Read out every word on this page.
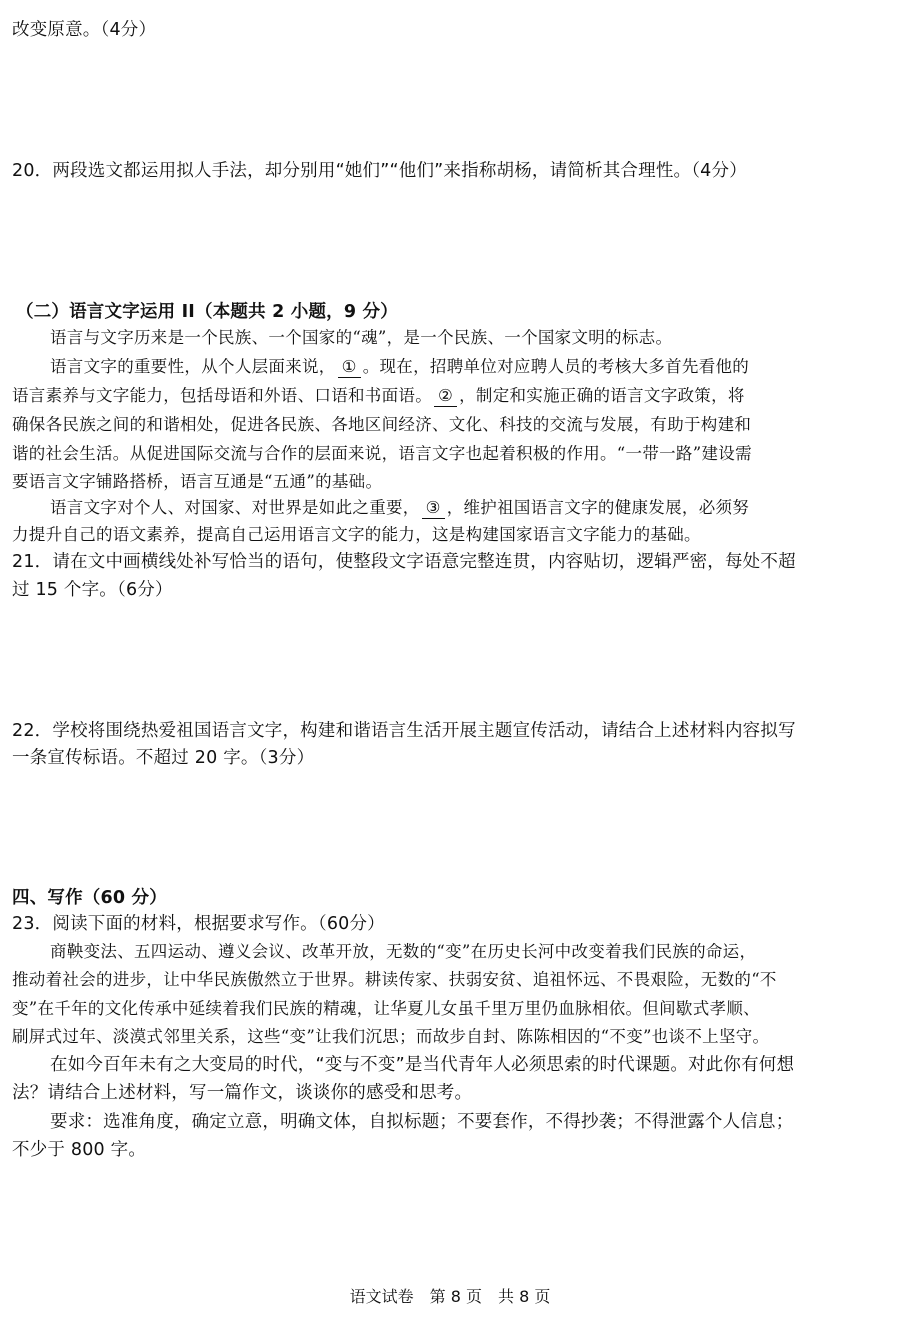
改变原意。（4分）
20．两段选文都运用拟人手法，却分别用“她们”“他们”来指称胡杨，请简析其合理性。（4分）
（二）语言文字运用 II（本题共 2 小题，9 分）
语言与文字历来是一个民族、一个国家的“魂”，是一个民族、一个国家文明的标志。
语言文字的重要性，从个人层面来说， ① 。现在，招聘单位对应聘人员的考核大多首先看他的
语言素养与文字能力，包括母语和外语、口语和书面语。 ② ，制定和实施正确的语言文字政策，将
确保各民族之间的和谐相处，促进各民族、各地区间经济、文化、科技的交流与发展，有助于构建和
谐的社会生活。从促进国际交流与合作的层面来说，语言文字也起着积极的作用。“一带一路”建设需
要语言文字铺路搭桥，语言互通是“五通”的基础。
语言文字对个人、对国家、对世界是如此之重要， ③ ，维护祖国语言文字的健康发展，必须努
力提升自己的语文素养，提高自己运用语言文字的能力，这是构建国家语言文字能力的基础。
21．请在文中画横线处补写恰当的语句，使整段文字语意完整连贯，内容贴切，逻辑严密，每处不超
过 15 个字。（6分）
22．学校将围绕热爱祖国语言文字，构建和谐语言生活开展主题宣传活动，请结合上述材料内容拟写
一条宣传标语。不超过 20 字。（3分）
四、写作（60 分）
23．阅读下面的材料，根据要求写作。（60分）
商鞅变法、五四运动、遵义会议、改革开放，无数的“变”在历史长河中改变着我们民族的命运，
推动着社会的进步，让中华民族傲然立于世界。耕读传家、扶弱安贫、追祖怀远、不畏艰险，无数的“不
变”在千年的文化传承中延续着我们民族的精魂，让华夏儿女虽千里万里仍血脉相依。但间歇式孝顺、
刷屏式过年、淡漠式邻里关系，这些“变”让我们沉思；而故步自封、陈陈相因的“不变”也谈不上坚守。
在如今百年未有之大变局的时代，“变与不变”是当代青年人必须思索的时代课题。对此你有何想
法？请结合上述材料，写一篇作文，谈谈你的感受和思考。
要求：选准角度，确定立意，明确文体，自拟标题；不要套作，不得抄袭；不得泄露个人信息；
不少于 800 字。
语文试卷　第 8 页　共 8 页
